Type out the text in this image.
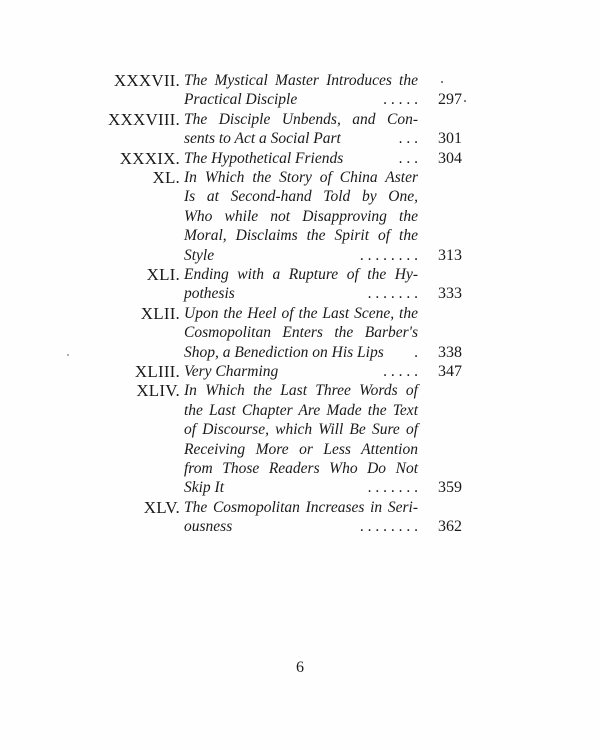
XXXVII. The Mystical Master Introduces the
Practical Disciple	. . . . . 297
XXXVIII. The Disciple Unbends, and Con-
sents to Act a Social Part	. . . 301
XXXIX. The Hypothetical Friends	. . . 304
XL. In Which the Story of China Aster
Is at Second-hand Told by One,
Who while not Disapproving the
Moral, Disclaims the Spirit of the
Style	. . . . . . . . 313
XLI. Ending with a Rupture of the Hy-
pothesis	. . . . . . . 333
XLII. Upon the Heel of the Last Scene, the
Cosmopolitan Enters the Barber's
Shop, a Benediction on His Lips . 338
XLIII. Very Charming	. . . . . 347
XLIV. In Which the Last Three Words of
the Last Chapter Are Made the Text
of Discourse, which Will Be Sure of
Receiving More or Less Attention
from Those Readers Who Do Not
Skip It	. . . . . . . 359
XLV. The Cosmopolitan Increases in Seri-
ousness	. . . . . . . . 362
6
